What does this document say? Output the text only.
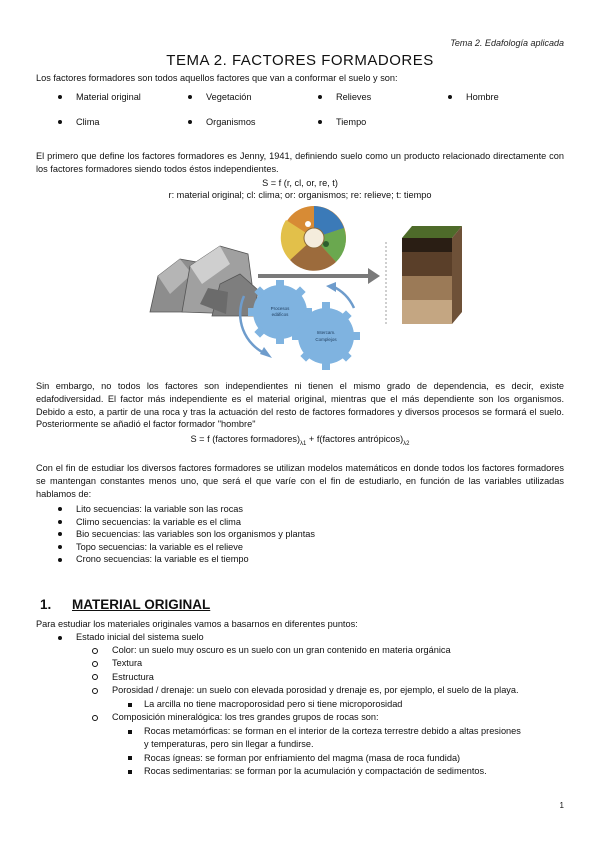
Tema 2. Edafología aplicada
TEMA 2. FACTORES FORMADORES
Los factores formadores son todos aquellos factores que van a conformar el suelo y son:
Material original	Vegetación	Relieves	Hombre
Clima	Organismos	Tiempo
El primero que define los factores formadores es Jenny, 1941, definiendo suelo como un producto relacionado directamente con los factores formadores siendo todos éstos independientes.
S = f (r, cl, or, re, t)
r: material original; cl: clima; or: organismos; re: relieve; t: tiempo
Procesos
edáficos
Intercam.
Complejos
Sin embargo, no todos los factores son independientes ni tienen el mismo grado de dependencia, es decir, existe edafodiversidad. El factor más independiente es el material original, mientras que el más dependiente son los organismos. Debido a esto, a partir de una roca y tras la actuación del resto de factores formadores y diversos procesos se formará el suelo. Posteriormente se añadió el factor formador "hombre"
S = f (factores $formadores)_{\lambda 1}$ + f(factores $antrópicos)_{\lambda 2}$
Con el fin de estudiar los diversos factores formadores se utilizan modelos matemáticos en donde todos los factores formadores se mantengan constantes menos uno, que será el que varíe con el fin de estudiarlo, en función de las variables utilizadas hablamos de:
Lito secuencias: la variable son las rocas
Climo secuencias: la variable es el clima
Bio secuencias: las variables son los organismos y plantas
Topo secuencias: la variable es el relieve
Crono secuencias: la variable es el tiempo
1. MATERIAL ORIGINAL
Para estudiar los materiales originales vamos a basarnos en diferentes puntos:
Estado inicial del sistema suelo
Color: un suelo muy oscuro es un suelo con un gran contenido en materia orgánica
Textura
Estructura
Porosidad / drenaje: un suelo con elevada porosidad y drenaje es, por ejemplo, el suelo de la playa.
La arcilla no tiene macroporosidad pero si tiene microporosidad
Composición mineralógica: los tres grandes grupos de rocas son:
Rocas metamórficas: se forman en el interior de la corteza terrestre debido a altas presiones
y temperaturas, pero sin llegar a fundirse.
Rocas ígneas: se forman por enfriamiento del magma (masa de roca fundida)
Rocas sedimentarias: se forman por la acumulación y compactación de sedimentos.
1
